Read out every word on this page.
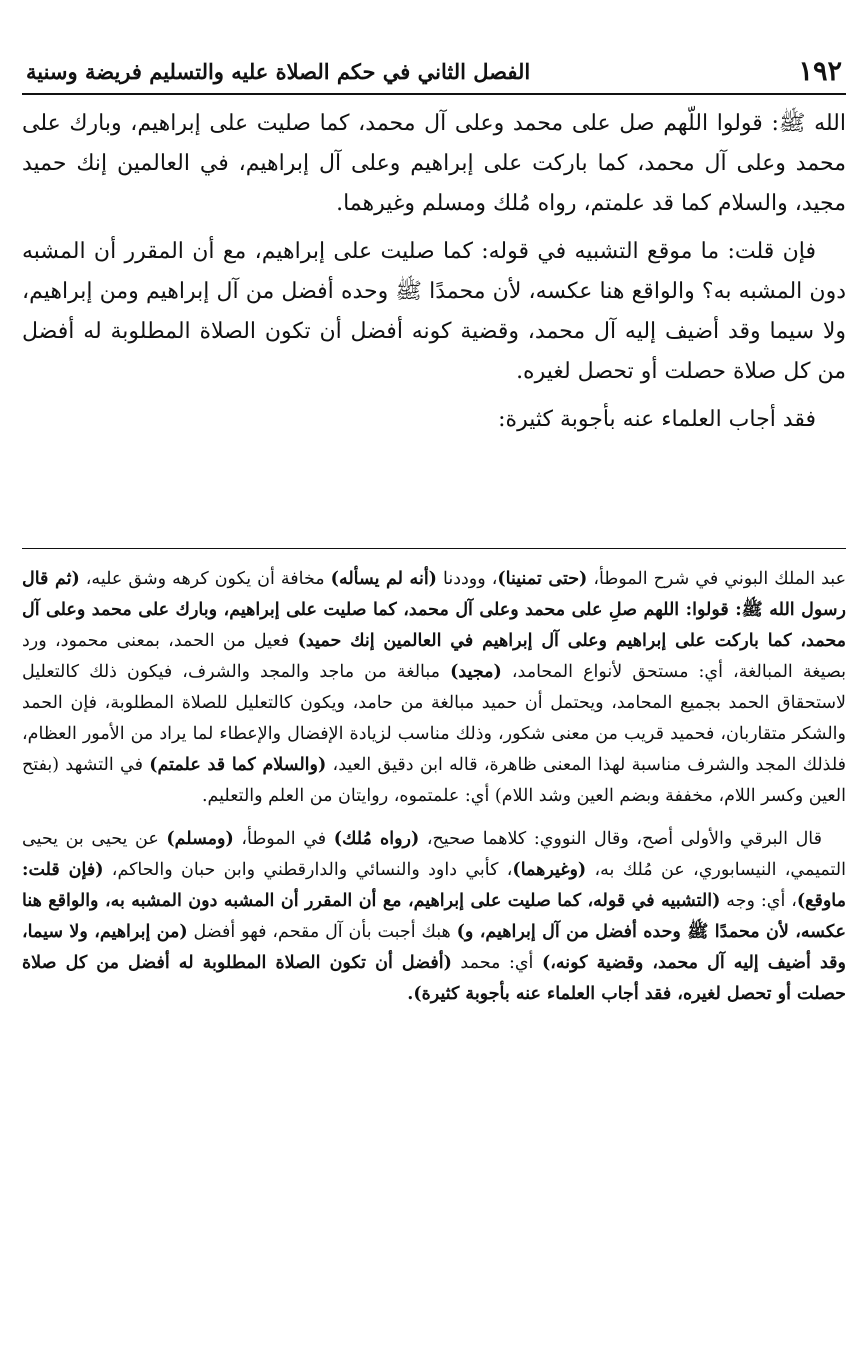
١٩٢
الفصل الثاني في حكم الصلاة عليه والتسليم فريضة وسنية

الله ﷺ: قولوا اللّهم صل على محمد وعلى آل محمد، كما صليت على إبراهيم، وبارك على محمد وعلى آل محمد، كما باركت على إبراهيم وعلى آل إبراهيم، في العالمين إنك حميد مجيد، والسلام كما قد علمتم، رواه مُلك ومسلم وغيرهما.

فإن قلت: ما موقع التشبيه في قوله: كما صليت على إبراهيم، مع أن المقرر أن المشبه دون المشبه به؟ والواقع هنا عكسه، لأن محمدًا ﷺ وحده أفضل من آل إبراهيم ومن إبراهيم، ولا سيما وقد أضيف إليه آل محمد، وقضية كونه أفضل أن تكون الصلاة المطلوبة له أفضل من كل صلاة حصلت أو تحصل لغيره.

فقد أجاب العلماء عنه بأجوبة كثيرة:

عبد الملك البوني في شرح الموطأ، (حتى تمنينا)، ووددنا (أنه لم يسأله) مخافة أن يكون كرهه وشق عليه، (ثم قال رسول الله ﷺ: قولوا: اللهم صلِ على محمد وعلى آل محمد، كما صليت على إبراهيم، وبارك على محمد وعلى آل محمد، كما باركت على إبراهيم وعلى آل إبراهيم في العالمين إنك حميد) فعيل من الحمد، بمعنى محمود، ورد بصيغة المبالغة، أي: مستحق لأنواع المحامد، (مجيد) مبالغة من ماجد والمجد والشرف، فيكون ذلك كالتعليل لاستحقاق الحمد بجميع المحامد، ويحتمل أن حميد مبالغة من حامد، ويكون كالتعليل للصلاة المطلوبة، فإن الحمد والشكر متقاربان، فحميد قريب من معنى شكور، وذلك مناسب لزيادة الإفضال والإعطاء لما يراد من الأمور العظام، فلذلك المجد والشرف مناسبة لهذا المعنى ظاهرة، قاله ابن دقيق العيد، (والسلام كما قد علمتم) في التشهد (بفتح العين وكسر اللام، مخففة وبضم العين وشد اللام) أي: علمتموه، روايتان من العلم والتعليم.

قال البرقي والأولى أصح، وقال النووي: كلاهما صحيح، (رواه مُلك) في الموطأ، (ومسلم) عن يحيى بن يحيى التميمي، النيسابوري، عن مُلك به، (وغيرهما)، كأبي داود والنسائي والدارقطني وابن حبان والحاكم، (فإن قلت: ماوقع)، أي: وجه (التشبيه في قوله، كما صليت على إبراهيم، مع أن المقرر أن المشبه دون المشبه به، والواقع هنا عكسه، لأن محمدًا ﷺ وحده أفضل من آل إبراهيم، و) هبك أجبت بأن آل مقحم، فهو أفضل (من إبراهيم، ولا سيما، وقد أضيف إليه آل محمد، وقضية كونه،) أي: محمد (أفضل أن تكون الصلاة المطلوبة له أفضل من كل صلاة حصلت أو تحصل لغيره، فقد أجاب العلماء عنه بأجوبة كثيرة).
